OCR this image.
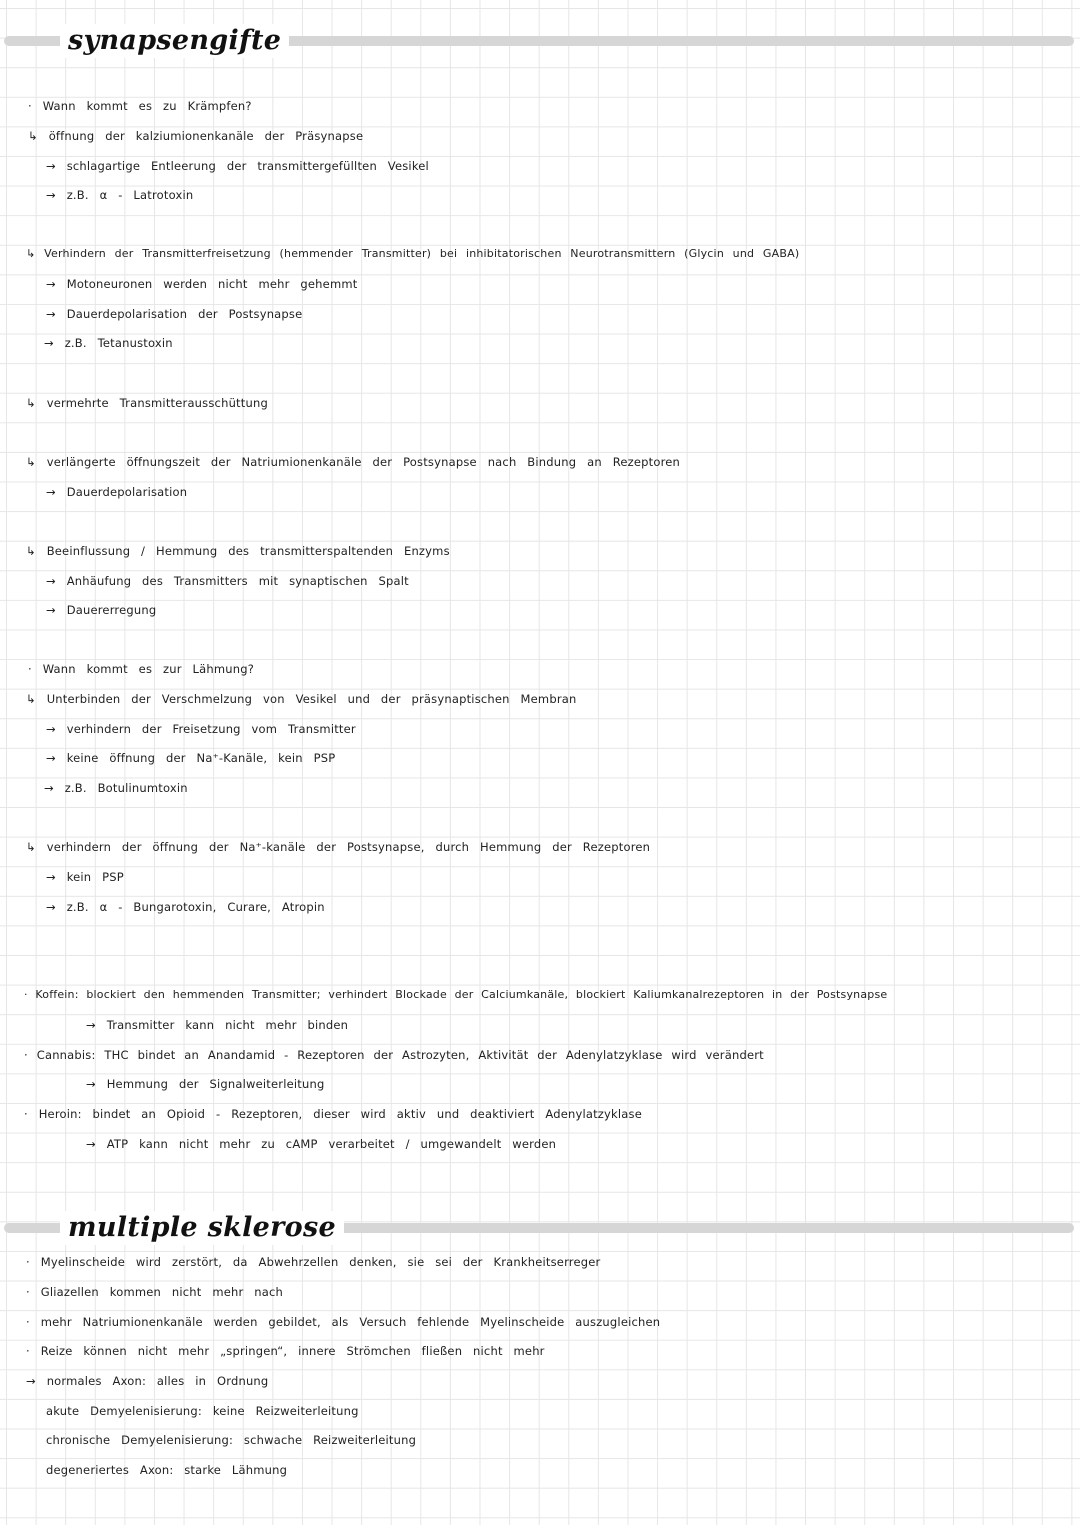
synapsengifte
· Wann kommt es zu Krämpfen?
↳ öffnung der kalziumionenkanäle der Präsynapse
→ schlagartige Entleerung der transmittergefüllten Vesikel
→ z.B. α - Latrotoxin
↳ Verhindern der Transmitterfreisetzung (hemmender Transmitter) bei inhibitatorischen Neurotransmittern (Glycin und GABA)
→ Motoneuronen werden nicht mehr gehemmt
→ Dauerdepolarisation der Postsynapse
→ z.B. Tetanustoxin
↳ vermehrte Transmitterausschüttung
↳ verlängerte öffnungszeit der Natriumionenkanäle der Postsynapse nach Bindung an Rezeptoren
→ Dauerdepolarisation
↳ Beeinflussung / Hemmung des transmitterspaltenden Enzyms
→ Anhäufung des Transmitters mit synaptischen Spalt
→ Dauererregung
· Wann kommt es zur Lähmung?
↳ Unterbinden der Verschmelzung von Vesikel und der präsynaptischen Membran
→ verhindern der Freisetzung vom Transmitter
→ keine öffnung der Na⁺-Kanäle, kein PSP
→ z.B. Botulinumtoxin
↳ verhindern der öffnung der Na⁺-kanäle der Postsynapse, durch Hemmung der Rezeptoren
→ kein PSP
→ z.B. α - Bungarotoxin, Curare, Atropin
· Koffein: blockiert den hemmenden Transmitter; verhindert Blockade der Calciumkanäle, blockiert Kaliumkanalrezeptoren in der Postsynapse
→ Transmitter kann nicht mehr binden
· Cannabis: THC bindet an Anandamid - Rezeptoren der Astrozyten, Aktivität der Adenylatzyklase wird verändert
→ Hemmung der Signalweiterleitung
· Heroin: bindet an Opioid - Rezeptoren, dieser wird aktiv und deaktiviert Adenylatzyklase
→ ATP kann nicht mehr zu cAMP verarbeitet / umgewandelt werden
multiple sklerose
· Myelinscheide wird zerstört, da Abwehrzellen denken, sie sei der Krankheitserreger
· Gliazellen kommen nicht mehr nach
· mehr Natriumionenkanäle werden gebildet, als Versuch fehlende Myelinscheide auszugleichen
· Reize können nicht mehr „springen“, innere Strömchen fließen nicht mehr
→ normales Axon: alles in Ordnung
akute Demyelenisierung: keine Reizweiterleitung
chronische Demyelenisierung: schwache Reizweiterleitung
degeneriertes Axon: starke Lähmung
